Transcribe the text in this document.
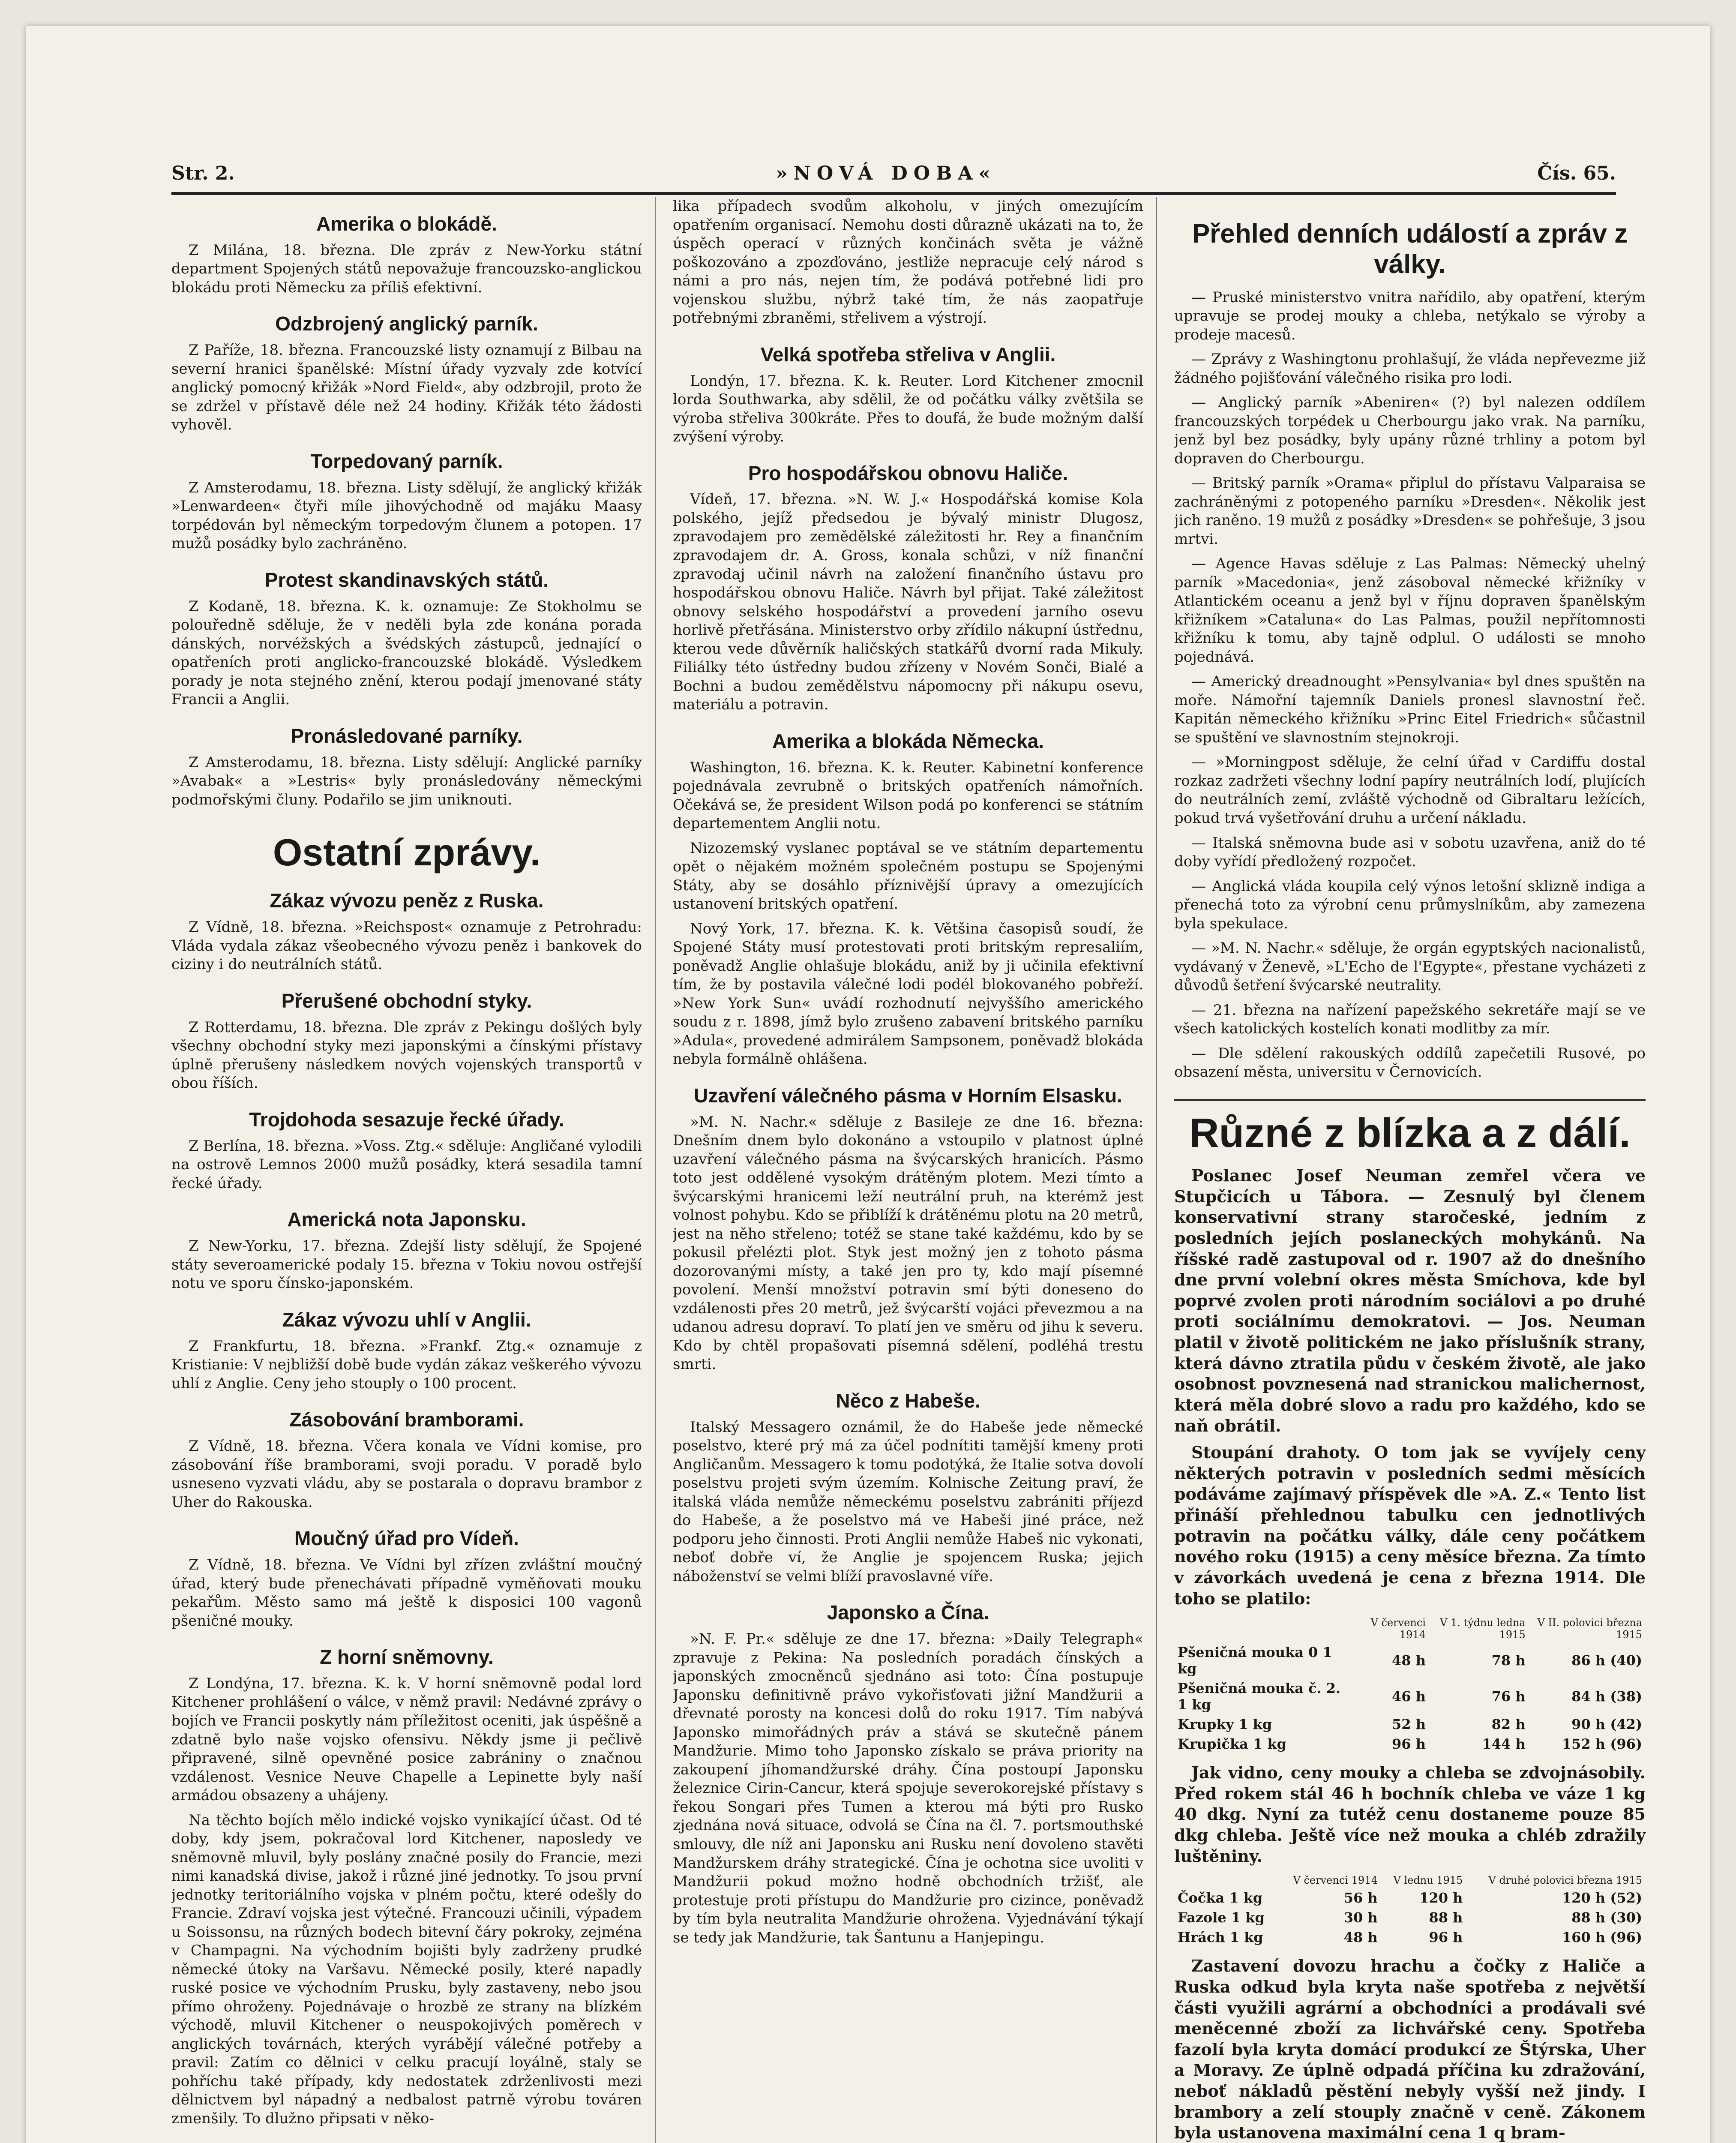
Str. 2.	»NOVÁ DOBA«	Čís. 65.
Amerika o blokádě.

Z Milána, 18. března. Dle zpráv z New-Yorku státní department Spojených států nepovažuje francouzsko-anglickou blokádu proti Německu za příliš efektivní.

Odzbrojený anglický parník.

Z Paříže, 18. března. Francouzské listy oznamují z Bilbau na severní hranici španělské: Místní úřady vyzvaly zde kotvící anglický pomocný křižák »Nord Field«, aby odzbrojil, proto že se zdržel v přístavě déle než 24 hodiny. Křižák této žádosti vyhověl.

Torpedovaný parník.

Z Amsterodamu, 18. března. Listy sdělují, že anglický křižák »Lenwardeen« čtyři míle jihovýchodně od majáku Maasy torpédován byl německým torpedovým člunem a potopen. 17 mužů posádky bylo zachráněno.

Protest skandinavských států.

Z Kodaně, 18. března. K. k. oznamuje: Ze Stokholmu se polouředně sděluje, že v neděli byla zde konána porada dánských, norvéžských a švédských zástupců, jednající o opatřeních proti anglicko-francouzské blokádě. Výsledkem porady je nota stejného znění, kterou podají jmenované státy Francii a Anglii.

Pronásledované parníky.

Z Amsterodamu, 18. března. Listy sdělují: Anglické parníky »Avabak« a »Lestris« byly pronásledovány německými podmořskými čluny. Podařilo se jim uniknouti.

Ostatní zprávy.
Zákaz vývozu peněz z Ruska.

Z Vídně, 18. března. »Reichspost« oznamuje z Petrohradu: Vláda vydala zákaz všeobecného vývozu peněz i bankovek do ciziny i do neutrálních států.

Přerušené obchodní styky.

Z Rotterdamu, 18. března. Dle zpráv z Pekingu došlých byly všechny obchodní styky mezi japonskými a čínskými přístavy úplně přerušeny následkem nových vojenských transportů v obou říších.

Trojdohoda sesazuje řecké úřady.

Z Berlína, 18. března. »Voss. Ztg.« sděluje: Angličané vylodili na ostrově Lemnos 2000 mužů posádky, která sesadila tamní řecké úřady.

Americká nota Japonsku.

Z New-Yorku, 17. března. Zdejší listy sdělují, že Spojené státy severoamerické podaly 15. března v Tokiu novou ostřejší notu ve sporu čínsko-japonském.

Zákaz vývozu uhlí v Anglii.

Z Frankfurtu, 18. března. »Frankf. Ztg.« oznamuje z Kristianie: V nejbližší době bude vydán zákaz veškerého vývozu uhlí z Anglie. Ceny jeho stouply o 100 procent.

Zásobování bramborami.

Z Vídně, 18. března. Včera konala ve Vídni komise, pro zásobování říše bramborami, svoji poradu. V poradě bylo usneseno vyzvati vládu, aby se postarala o dopravu brambor z Uher do Rakouska.

Moučný úřad pro Vídeň.

Z Vídně, 18. března. Ve Vídni byl zřízen zvláštní moučný úřad, který bude přenechávati případně vyměňovati mouku pekařům. Město samo má ještě k disposici 100 vagonů pšeničné mouky.

Z horní sněmovny.

Z Londýna, 17. března. K. k. V horní sněmovně podal lord Kitchener prohlášení o válce, v němž pravil: Nedávné zprávy o bojích ve Francii poskytly nám příležitost oceniti, jak úspěšně a zdatně bylo naše vojsko ofensivu. Někdy jsme ji pečlivě připravené, silně opevněné posice zabrániny o značnou vzdálenost. Vesnice Neuve Chapelle a Lepinette byly naší armádou obsazeny a uhájeny.

Na těchto bojích mělo indické vojsko vynikající účast. Od té doby, kdy jsem, pokračoval lord Kitchener, naposledy ve sněmovně mluvil, byly poslány značné posily do Francie, mezi nimi kanadská divise, jakož i různé jiné jednotky. To jsou první jednotky teritoriálního vojska v plném počtu, které odešly do Francie. Zdraví vojska jest výtečné. Francouzi učinili, výpadem u Soissonsu, na různých bodech bitevní čáry pokroky, zejména v Champagni. Na východním bojišti byly zadrženy prudké německé útoky na Varšavu. Německé posily, které napadly ruské posice ve východním Prusku, byly zastaveny, nebo jsou přímo ohroženy. Pojednávaje o hrozbě ze strany na blízkém východě, mluvil Kitchener o neuspokojivých poměrech v anglických továrnách, kterých vyrábějí válečné potřeby a pravil: Zatím co dělnici v celku pracují loyálně, staly se pohříchu také případy, kdy nedostatek zdrženlivosti mezi dělnictvem byl nápadný a nedbalost patrně výrobu továren zmenšily. To dlužno připsati v něko-

lika případech svodům alkoholu, v jiných omezujícím opatřením organisací. Nemohu dosti důrazně ukázati na to, že úspěch operací v různých končinách světa je vážně poškozováno a zpozďováno, jestliže nepracuje celý národ s námi a pro nás, nejen tím, že podává potřebné lidi pro vojenskou službu, nýbrž také tím, že nás zaopatřuje potřebnými zbraněmi, střelivem a výstrojí.

Velká spotřeba střeliva v Anglii.

Londýn, 17. března. K. k. Reuter. Lord Kitchener zmocnil lorda Southwarka, aby sdělil, že od počátku války zvětšila se výroba střeliva 300kráte. Přes to doufá, že bude možným další zvýšení výroby.

Pro hospodářskou obnovu Haliče.

Vídeň, 17. března. »N. W. J.« Hospodářská komise Kola polského, jejíž předsedou je bývalý ministr Dlugosz, zpravodajem pro zemědělské záležitosti hr. Rey a finančním zpravodajem dr. A. Gross, konala schůzi, v níž finanční zpravodaj učinil návrh na založení finančního ústavu pro hospodářskou obnovu Haliče. Návrh byl přijat. Také záležitost obnovy selského hospodářství a provedení jarního osevu horlivě přetřásána. Ministerstvo orby zřídilo nákupní ústřednu, kterou vede důvěrník haličských statkářů dvorní rada Mikuly. Filiálky této ústředny budou zřízeny v Novém Sonči, Bialé a Bochni a budou zemědělstvu nápomocny při nákupu osevu, materiálu a potravin.

Amerika a blokáda Německa.

Washington, 16. března. K. k. Reuter. Kabinetní konference pojednávala zevrubně o britských opatřeních námořních. Očekává se, že president Wilson podá po konferenci se státním departementem Anglii notu.

Nizozemský vyslanec poptával se ve státním departementu opět o nějakém možném společném postupu se Spojenými Státy, aby se dosáhlo příznivější úpravy a omezujících ustanovení britských opatření.

Nový York, 17. března. K. k. Většina časopisů soudí, že Spojené Státy musí protestovati proti britským represaliím, poněvadž Anglie ohlašuje blokádu, aniž by ji učinila efektivní tím, že by postavila válečné lodi podél blokovaného pobřeží. »New York Sun« uvádí rozhodnutí nejvyššího amerického soudu z r. 1898, jímž bylo zrušeno zabavení britského parníku »Adula«, provedené admirálem Sampsonem, poněvadž blokáda nebyla formálně ohlášena.

Uzavření válečného pásma v Horním Elsasku.

»M. N. Nachr.« sděluje z Basileje ze dne 16. března: Dnešním dnem bylo dokonáno a vstoupilo v platnost úplné uzavření válečného pásma na švýcarských hranicích. Pásmo toto jest oddělené vysokým drátěným plotem. Mezi tímto a švýcarskými hranicemi leží neutrální pruh, na kterémž jest volnost pohybu. Kdo se přiblíží k drátěnému plotu na 20 metrů, jest na něho střeleno; totéž se stane také každému, kdo by se pokusil přelézti plot. Styk jest možný jen z tohoto pásma dozorovanými místy, a také jen pro ty, kdo mají písemné povolení. Menší množství potravin smí býti doneseno do vzdálenosti přes 20 metrů, jež švýcarští vojáci převezmou a na udanou adresu dopraví. To platí jen ve směru od jihu k severu. Kdo by chtěl propašovati písemná sdělení, podléhá trestu smrti.

Něco z Habeše.

Italský Messagero oznámil, že do Habeše jede německé poselstvo, které prý má za účel podnítiti tamější kmeny proti Angličanům. Messagero k tomu podotýká, že Italie sotva dovolí poselstvu projeti svým územím. Kolnische Zeitung praví, že italská vláda nemůže německému poselstvu zabrániti příjezd do Habeše, a že poselstvo má ve Habeši jiné práce, než podporu jeho činnosti. Proti Anglii nemůže Habeš nic vykonati, neboť dobře ví, že Anglie je spojencem Ruska; jejich náboženství se velmi blíží pravoslavné víře.

Japonsko a Čína.

»N. F. Pr.« sděluje ze dne 17. března: »Daily Telegraph« zpravuje z Pekina: Na posledních poradách čínských a japonských zmocněnců sjednáno asi toto: Čína postupuje Japonsku definitivně právo vykořisťovati jižní Mandžurii a dřevnaté porosty na koncesi dolů do roku 1917. Tím nabývá Japonsko mimořádných práv a stává se skutečně pánem Mandžurie. Mimo toho Japonsko získalo se práva priority na zakoupení jíhomandžurské dráhy. Čína postoupí Japonsku železnice Cirin-Cancur, která spojuje severokorejské přístavy s řekou Songari přes Tumen a kterou má býti pro Rusko zjednána nová situace, odvolá se Čína na čl. 7. portsmouthské smlouvy, dle níž ani Japonsku ani Rusku není dovoleno stavěti Mandžurskem dráhy strategické. Čína je ochotna sice uvoliti v Mandžurii pokud možno hodně obchodních tržišť, ale protestuje proti přístupu do Mandžurie pro cizince, poněvadž by tím byla neutralita Mandžurie ohrožena. Vyjednávání týkají se tedy jak Mandžurie, tak Šantunu a Hanjepingu.

Přehled denních událostí a zpráv z války.

— Pruské ministerstvo vnitra nařídilo, aby opatření, kterým upravuje se prodej mouky a chleba, netýkalo se výroby a prodeje macesů.

— Zprávy z Washingtonu prohlašují, že vláda nepřevezme již žádného pojišťování válečného risika pro lodi.

— Anglický parník »Abeniren« (?) byl nalezen oddílem francouzských torpédek u Cherbourgu jako vrak. Na parníku, jenž byl bez posádky, byly upány různé trhliny a potom byl dopraven do Cherbourgu.

— Britský parník »Orama« připlul do přístavu Valparaisa se zachráněnými z potopeného parníku »Dresden«. Několik jest jich raněno. 19 mužů z posádky »Dresden« se pohřešuje, 3 jsou mrtvi.

— Agence Havas sděluje z Las Palmas: Německý uhelný parník »Macedonia«, jenž zásoboval německé křižníky v Atlantickém oceanu a jenž byl v říjnu dopraven španělským křižníkem »Cataluna« do Las Palmas, použil nepřítomnosti křižníku k tomu, aby tajně odplul. O události se mnoho pojednává.

— Americký dreadnought »Pensylvania« byl dnes spuštěn na moře. Námořní tajemník Daniels pronesl slavnostní řeč. Kapitán německého křižníku »Princ Eitel Friedrich« sůčastnil se spuštění ve slavnostním stejnokroji.

— »Morningpost sděluje, že celní úřad v Cardiffu dostal rozkaz zadržeti všechny lodní papíry neutrálních lodí, plujících do neutrálních zemí, zvláště východně od Gibraltaru ležících, pokud trvá vyšetřování druhu a určení nákladu.

— Italská sněmovna bude asi v sobotu uzavřena, aniž do té doby vyřídí předložený rozpočet.

— Anglická vláda koupila celý výnos letošní sklizně indiga a přenechá toto za výrobní cenu průmyslníkům, aby zamezena byla spekulace.

— »M. N. Nachr.« sděluje, že orgán egyptských nacionalistů, vydávaný v Ženevě, »L'Echo de l'Egypte«, přestane vycházeti z důvodů šetření švýcarské neutrality.

— 21. března na nařízení papežského sekretáře mají se ve všech katolických kostelích konati modlitby za mír.

— Dle sdělení rakouských oddílů zapečetili Rusové, po obsazení města, universitu v Černovicích.

Různé z blízka a z dálí.

Poslanec Josef Neuman zemřel včera ve Stupčicích u Tábora. — Zesnulý byl členem konservativní strany staročeské, jedním z posledních jejích poslaneckých mohykánů. Na říšské radě zastupoval od r. 1907 až do dnešního dne první volební okres města Smíchova, kde byl poprvé zvolen proti národním sociálovi a po druhé proti sociálnímu demokratovi. — Jos. Neuman platil v životě politickém ne jako příslušník strany, která dávno ztratila půdu v českém životě, ale jako osobnost povznesená nad stranickou malichernost, která měla dobré slovo a radu pro každého, kdo se naň obrátil.

Stoupání drahoty. O tom jak se vyvíjely ceny některých potravin v posledních sedmi měsících podáváme zajímavý příspěvek dle »A. Z.« Tento list přináší přehlednou tabulku cen jednotlivých potravin na počátku války, dále ceny počátkem nového roku (1915) a ceny měsíce března. Za tímto v závorkách uvedená je cena z března 1914. Dle toho se platilo:

	V červenci 1914	V 1. týdnu ledna 1915	V II. polovici března 1915
Pšeničná mouka 0 1 kg	48 h	78 h	86 h (40)
Pšeničná mouka č. 2. 1 kg	46 h	76 h	84 h (38)
Krupky 1 kg	52 h	82 h	90 h (42)
Krupička 1 kg	96 h	144 h	152 h (96)

Jak vidno, ceny mouky a chleba se zdvojnásobily. Před rokem stál 46 h bochník chleba ve váze 1 kg 40 dkg. Nyní za tutéž cenu dostaneme pouze 85 dkg chleba. Ještě více než mouka a chléb zdražily luštěniny.

	V červenci 1914	V lednu 1915	V druhé polovici března 1915
Čočka 1 kg	56 h	120 h	120 h (52)
Fazole 1 kg	30 h	88 h	88 h (30)
Hrách 1 kg	48 h	96 h	160 h (96)

Zastavení dovozu hrachu a čočky z Haliče a Ruska odkud byla kryta naše spotřeba z největší části využili agrární a obchodníci a prodávali své meněcenné zboží za lichvářské ceny. Spotřeba fazolí byla kryta domácí produkcí ze Štýrska, Uher a Moravy. Ze úplně odpadá příčina ku zdražování, neboť nákladů pěstění nebyly vyšší než jindy. I brambory a zelí stouply značně v ceně. Zákonem byla ustanovena maximální cena 1 q bram-
